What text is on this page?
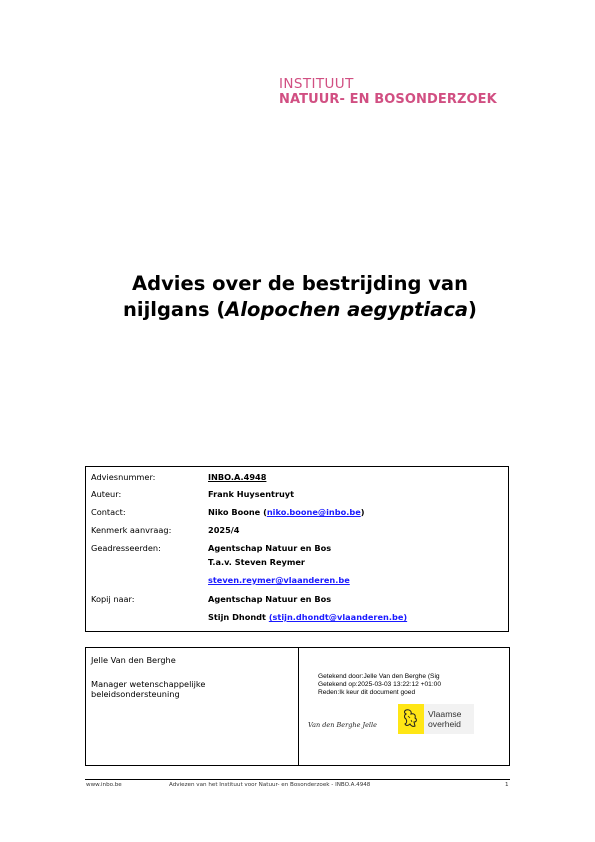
INSTITUUT
NATUUR- EN BOSONDERZOEK
Advies over de bestrijding van
nijlgans (Alopochen aegyptiaca)
Adviesnummer:	INBO.A.4948
Auteur:	Frank Huysentruyt
Contact:	Niko Boone (niko.boone@inbo.be)
Kenmerk aanvraag:	2025/4
Geadresseerden:	Agentschap Natuur en Bos
T.a.v. Steven Reymer
steven.reymer@vlaanderen.be
Kopij naar:	Agentschap Natuur en Bos
Stijn Dhondt (stijn.dhondt@vlaanderen.be)
Jelle Van den Berghe
Manager wetenschappelijke
beleidsondersteuning
Getekend door:Jelle Van den Berghe (Sig
Getekend op:2025-03-03 13:22:12 +01:00
Reden:Ik keur dit document goed
Van den Berghe Jelle
Vlaamse
overheid
www.inbo.be	Adviezen van het Instituut voor Natuur- en Bosonderzoek - INBO.A.4948	1
